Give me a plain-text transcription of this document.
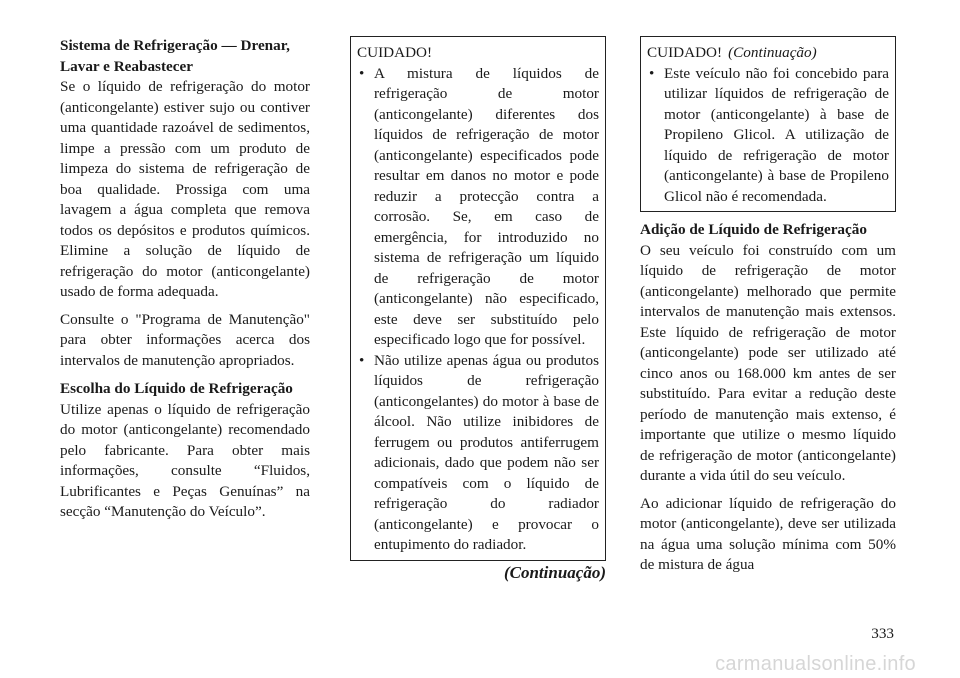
Sistema de Refrigeração — Drenar, Lavar e Reabastecer

Se o líquido de refrigeração do motor (anticongelante) estiver sujo ou contiver uma quantidade razoável de sedimentos, limpe a pressão com um produto de limpeza do sistema de refrigeração de boa qualidade. Prossiga com uma lavagem a água completa que remova todos os depósitos e produtos químicos. Elimine a solução de líquido de refrigeração do motor (anticongelante) usado de forma adequada.

Consulte o "Programa de Manutenção" para obter informações acerca dos intervalos de manutenção apropriados.

Escolha do Líquido de Refrigeração

Utilize apenas o líquido de refrigeração do motor (anticongelante) recomendado pelo fabricante. Para obter mais informações, consulte “Fluidos, Lubrificantes e Peças Genuínas” na secção “Manutenção do Veículo”.

CUIDADO!
• A mistura de líquidos de refrigeração de motor (anticongelante) diferentes dos líquidos de refrigeração de motor (anticongelante) especificados pode resultar em danos no motor e pode reduzir a protecção contra a corrosão. Se, em caso de emergência, for introduzido no sistema de refrigeração um líquido de refrigeração de motor (anticongelante) não especificado, este deve ser substituído pelo especificado logo que for possível.
• Não utilize apenas água ou produtos líquidos de refrigeração (anticongelantes) do motor à base de álcool. Não utilize inibidores de ferrugem ou produtos antiferrugem adicionais, dado que podem não ser compatíveis com o líquido de refrigeração do radiador (anticongelante) e provocar o entupimento do radiador.
(Continuação)
CUIDADO! (Continuação)
• Este veículo não foi concebido para utilizar líquidos de refrigeração de motor (anticongelante) à base de Propileno Glicol. A utilização de líquido de refrigeração de motor (anticongelante) à base de Propileno Glicol não é recomendada.
Adição de Líquido de Refrigeração

O seu veículo foi construído com um líquido de refrigeração de motor (anticongelante) melhorado que permite intervalos de manutenção mais extensos. Este líquido de refrigeração de motor (anticongelante) pode ser utilizado até cinco anos ou 168.000 km antes de ser substituído. Para evitar a redução deste período de manutenção mais extenso, é importante que utilize o mesmo líquido de refrigeração de motor (anticongelante) durante a vida útil do seu veículo.

Ao adicionar líquido de refrigeração do motor (anticongelante), deve ser utilizada na água uma solução mínima com 50% de mistura de água

333
carmanualsonline.info
